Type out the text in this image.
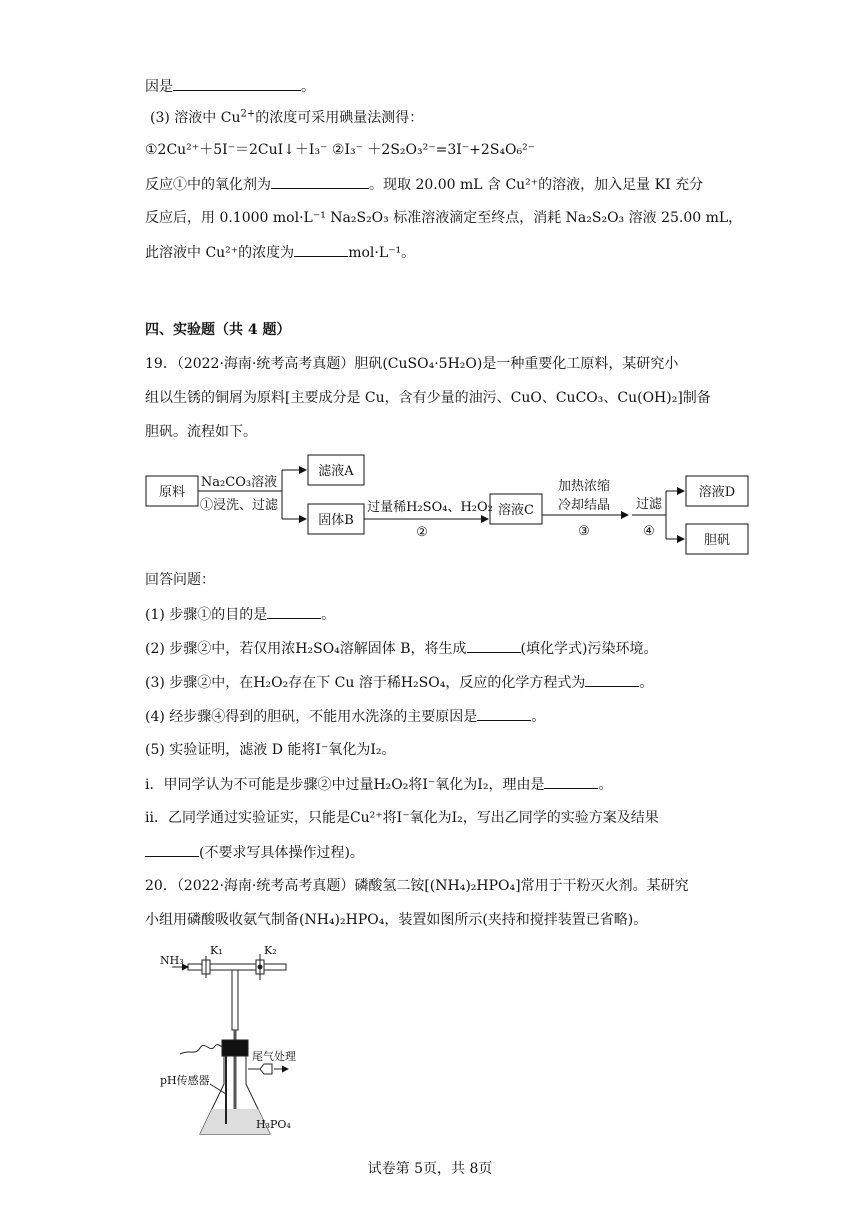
因是	。
(3) 溶液中 $Cu^{2+}$的浓度可采用碘量法测得：
①2Cu²⁺＋5I⁻＝2CuI↓＋I₃⁻ ②I₃⁻ ＋2S₂O₃²⁻=3I⁻+2S₄O₆²⁻
反应①中的氧化剂为	。现取 20.00 mL 含 Cu²⁺的溶液，加入足量 KI 充分
反应后，用 0.1000 mol·L⁻¹ Na₂S₂O₃ 标准溶液滴定至终点，消耗 Na₂S₂O₃ 溶液 25.00 mL，
此溶液中 Cu²⁺的浓度为	mol·L⁻¹。
四、实验题（共 4 题）
19．（2022·海南·统考高考真题）胆矾(CuSO₄·5H₂O)是一种重要化工原料，某研究小
组以生锈的铜屑为原料[主要成分是 Cu，含有少量的油污、CuO、CuCO₃、Cu(OH)₂]制备
胆矾。流程如下。
原料
Na₂CO₃溶液
①浸洗、过滤
滤液A
固体B
过量稀H₂SO₄、H₂O₂
②
溶液C
加热浓缩
冷却结晶
③
过滤
④
溶液D
胆矾
回答问题：
(1) 步骤①的目的是	。
(2) 步骤②中，若仅用浓H₂SO₄溶解固体 B，将生成	(填化学式)污染环境。
(3) 步骤②中，在H₂O₂存在下 Cu 溶于稀H₂SO₄，反应的化学方程式为	。
(4) 经步骤④得到的胆矾，不能用水洗涤的主要原因是	。
(5) 实验证明，滤液 D 能将I⁻氧化为I₂。
ⅰ．甲同学认为不可能是步骤②中过量H₂O₂将I⁻氧化为I₂，理由是	。
ⅱ．乙同学通过实验证实，只能是Cu²⁺将I⁻氧化为I₂，写出乙同学的实验方案及结果
(不要求写具体操作过程)。
20．（2022·海南·统考高考真题）磷酸氢二铵[(NH₄)₂HPO₄]常用于干粉灭火剂。某研究
小组用磷酸吸收氨气制备(NH₄)₂HPO₄，装置如图所示(夹持和搅拌装置已省略)。
NH₃
K₁	K₂
尾气处理
pH传感器
H₃PO₄
试卷第 5页，共 8页
